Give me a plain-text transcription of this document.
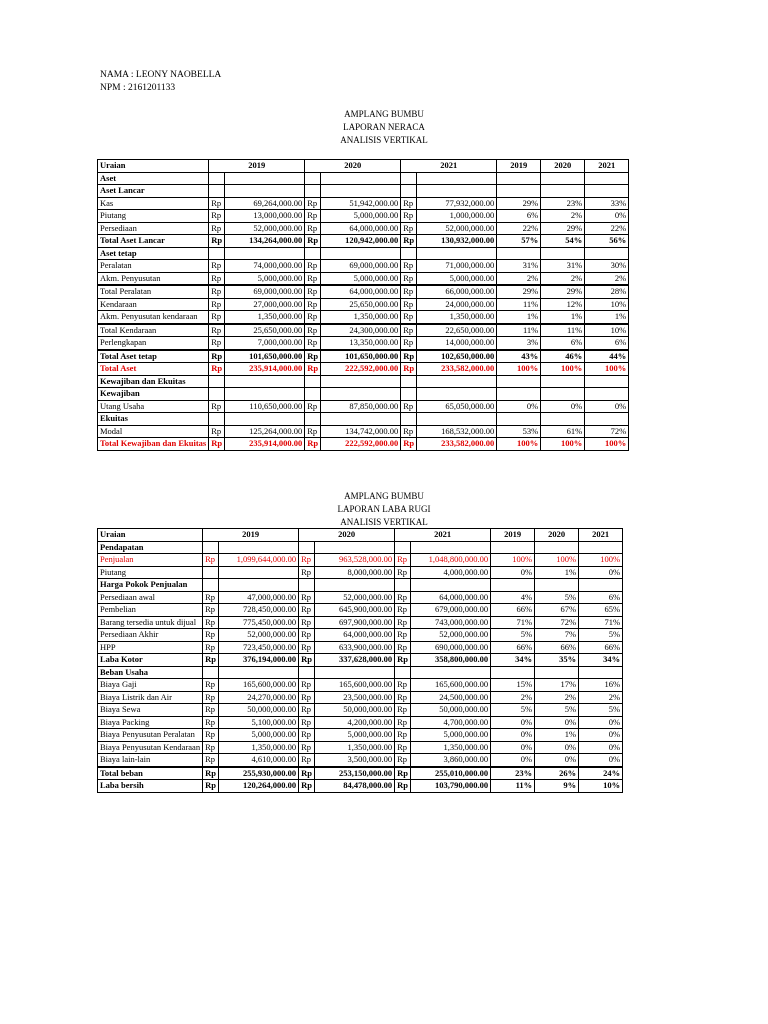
NAMA : LEONY NAOBELLA
NPM : 2161201133
AMPLANG BUMBU
LAPORAN NERACA
ANALISIS VERTIKAL
Uraian	2019		2020		2021		2019	2020	2021
Aset									
Aset Lancar									
Kas	Rp	69,264,000.00	Rp	51,942,000.00	Rp	77,932,000.00	29%	23%	33%
Piutang	Rp	13,000,000.00	Rp	5,000,000.00	Rp	1,000,000.00	6%	2%	0%
Persediaan	Rp	52,000,000.00	Rp	64,000,000.00	Rp	52,000,000.00	22%	29%	22%
Total Aset Lancar	Rp	134,264,000.00	Rp	120,942,000.00	Rp	130,932,000.00	57%	54%	56%
Aset tetap									
Peralatan	Rp	74,000,000.00	Rp	69,000,000.00	Rp	71,000,000.00	31%	31%	30%
Akm. Penyusutan	Rp	5,000,000.00	Rp	5,000,000.00	Rp	5,000,000.00	2%	2%	2%
Total Peralatan	Rp	69,000,000.00	Rp	64,000,000.00	Rp	66,000,000.00	29%	29%	28%
Kendaraan	Rp	27,000,000.00	Rp	25,650,000.00	Rp	24,000,000.00	11%	12%	10%
Akm. Penyusutan kendaraan	Rp	1,350,000.00	Rp	1,350,000.00	Rp	1,350,000.00	1%	1%	1%
Total Kendaraan	Rp	25,650,000.00	Rp	24,300,000.00	Rp	22,650,000.00	11%	11%	10%
Perlengkapan	Rp	7,000,000.00	Rp	13,350,000.00	Rp	14,000,000.00	3%	6%	6%
Total Aset tetap	Rp	101,650,000.00	Rp	101,650,000.00	Rp	102,650,000.00	43%	46%	44%
Total Aset	Rp	235,914,000.00	Rp	222,592,000.00	Rp	233,582,000.00	100%	100%	100%
Kewajiban dan Ekuitas									
Kewajiban									
Utang Usaha	Rp	110,650,000.00	Rp	87,850,000.00	Rp	65,050,000.00	0%	0%	0%
Ekuitas									
Modal	Rp	125,264,000.00	Rp	134,742,000.00	Rp	168,532,000.00	53%	61%	72%
Total Kewajiban dan Ekuitas	Rp	235,914,000.00	Rp	222,592,000.00	Rp	233,582,000.00	100%	100%	100%
AMPLANG BUMBU
LAPORAN LABA RUGI
ANALISIS VERTIKAL
Uraian	2019		2020		2021		2019	2020	2021
Pendapatan									
Penjualan	Rp	1,099,644,000.00	Rp	963,528,000.00	Rp	1,048,800,000.00	100%	100%	100%
Piutang			Rp	8,000,000.00	Rp	4,000,000.00	0%	1%	0%
Harga Pokok Penjualan									
Persediaan awal	Rp	47,000,000.00	Rp	52,000,000.00	Rp	64,000,000.00	4%	5%	6%
Pembelian	Rp	728,450,000.00	Rp	645,900,000.00	Rp	679,000,000.00	66%	67%	65%
Barang tersedia untuk dijual	Rp	775,450,000.00	Rp	697,900,000.00	Rp	743,000,000.00	71%	72%	71%
Persediaan Akhir	Rp	52,000,000.00	Rp	64,000,000.00	Rp	52,000,000.00	5%	7%	5%
HPP	Rp	723,450,000.00	Rp	633,900,000.00	Rp	690,000,000.00	66%	66%	66%
Laba Kotor	Rp	376,194,000.00	Rp	337,628,000.00	Rp	358,800,000.00	34%	35%	34%
Beban Usaha									
Biaya Gaji	Rp	165,600,000.00	Rp	165,600,000.00	Rp	165,600,000.00	15%	17%	16%
Biaya Listrik dan Air	Rp	24,270,000.00	Rp	23,500,000.00	Rp	24,500,000.00	2%	2%	2%
Biaya Sewa	Rp	50,000,000.00	Rp	50,000,000.00	Rp	50,000,000.00	5%	5%	5%
Biaya Packing	Rp	5,100,000.00	Rp	4,200,000.00	Rp	4,700,000.00	0%	0%	0%
Biaya Penyusutan Peralatan	Rp	5,000,000.00	Rp	5,000,000.00	Rp	5,000,000.00	0%	1%	0%
Biaya Penyusutan Kendaraan	Rp	1,350,000.00	Rp	1,350,000.00	Rp	1,350,000.00	0%	0%	0%
Biaya lain-lain	Rp	4,610,000.00	Rp	3,500,000.00	Rp	3,860,000.00	0%	0%	0%
Total beban	Rp	255,930,000.00	Rp	253,150,000.00	Rp	255,010,000.00	23%	26%	24%
Laba bersih	Rp	120,264,000.00	Rp	84,478,000.00	Rp	103,790,000.00	11%	9%	10%
